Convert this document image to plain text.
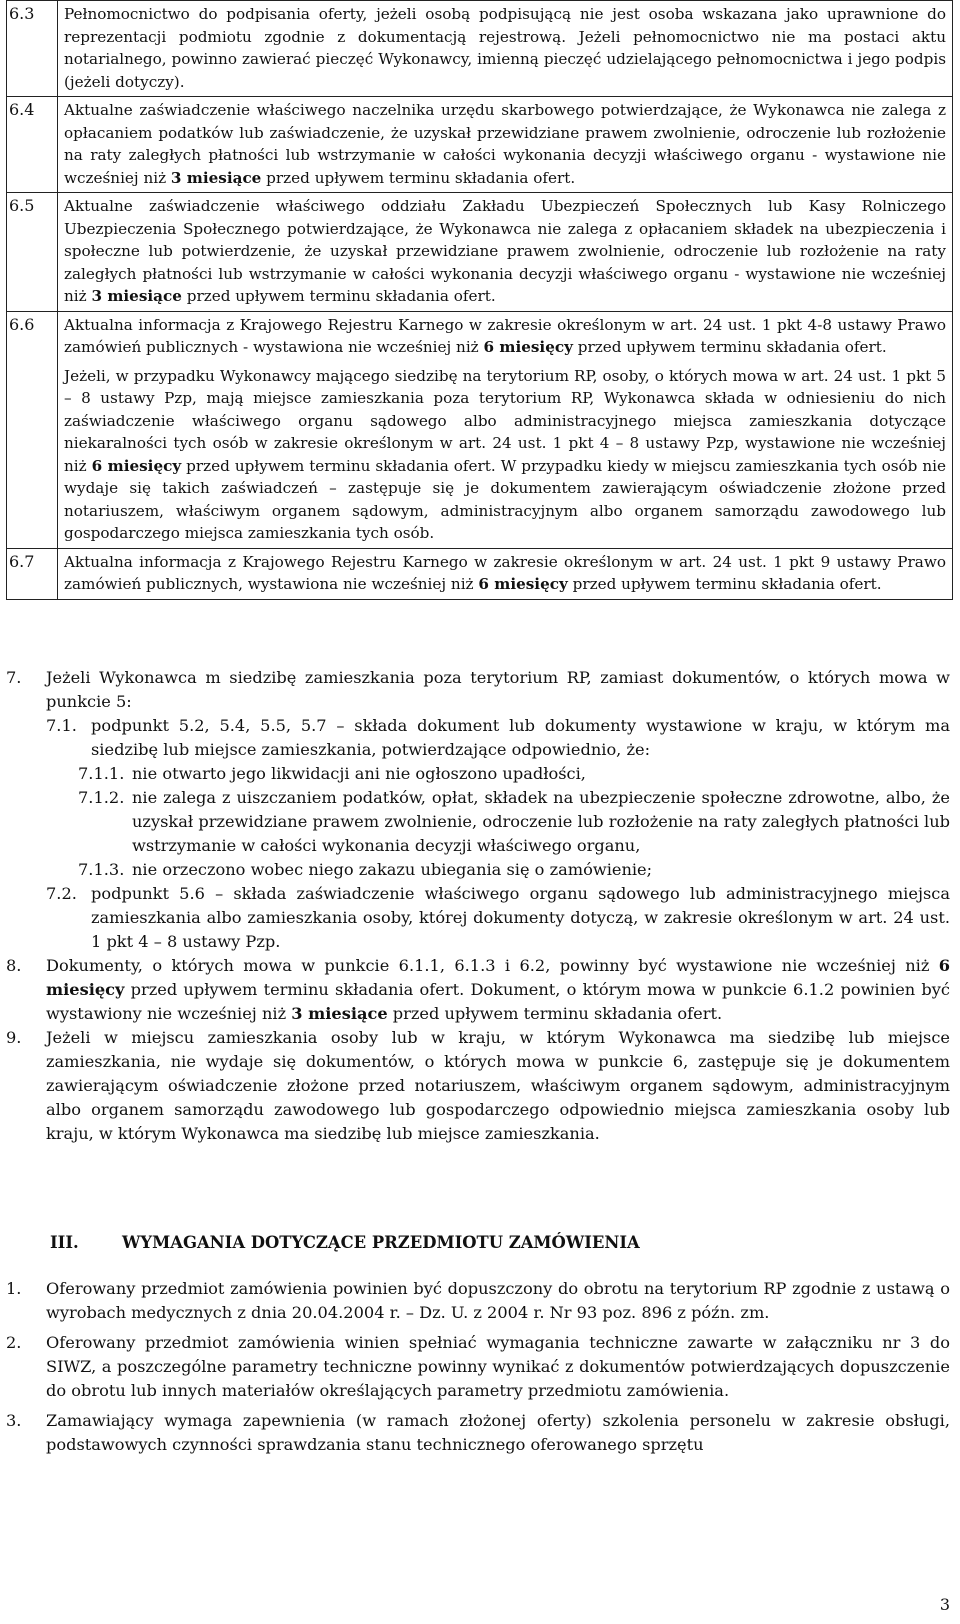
6.3	Pełnomocnictwo do podpisania oferty, jeżeli osobą podpisującą nie jest osoba wskazana jako uprawnione do reprezentacji podmiotu zgodnie z dokumentacją rejestrową. Jeżeli pełnomocnictwo nie ma postaci aktu notarialnego, powinno zawierać pieczęć Wykonawcy, imienną pieczęć udzielającego pełnomocnictwa i jego podpis (jeżeli dotyczy).

6.4	Aktualne zaświadczenie właściwego naczelnika urzędu skarbowego potwierdzające, że Wykonawca nie zalega z opłacaniem podatków lub zaświadczenie, że uzyskał przewidziane prawem zwolnienie, odroczenie lub rozłożenie na raty zaległych płatności lub wstrzymanie w całości wykonania decyzji właściwego organu - wystawione nie wcześniej niż 3 miesiące przed upływem terminu składania ofert.

6.5	Aktualne zaświadczenie właściwego oddziału Zakładu Ubezpieczeń Społecznych lub Kasy Rolniczego Ubezpieczenia Społecznego potwierdzające, że Wykonawca nie zalega z opłacaniem składek na ubezpieczenia i społeczne lub potwierdzenie, że uzyskał przewidziane prawem zwolnienie, odroczenie lub rozłożenie na raty zaległych płatności lub wstrzymanie w całości wykonania decyzji właściwego organu - wystawione nie wcześniej niż 3 miesiące przed upływem terminu składania ofert.

6.6	Aktualna informacja z Krajowego Rejestru Karnego w zakresie określonym w art. 24 ust. 1 pkt 4-8 ustawy Prawo zamówień publicznych - wystawiona nie wcześniej niż 6 miesięcy przed upływem terminu składania ofert.

Jeżeli, w przypadku Wykonawcy mającego siedzibę na terytorium RP, osoby, o których mowa w art. 24 ust. 1 pkt 5 – 8 ustawy Pzp, mają miejsce zamieszkania poza terytorium RP, Wykonawca składa w odniesieniu do nich zaświadczenie właściwego organu sądowego albo administracyjnego miejsca zamieszkania dotyczące niekaralności tych osób w zakresie określonym w art. 24 ust. 1 pkt 4 – 8 ustawy Pzp, wystawione nie wcześniej niż 6 miesięcy przed upływem terminu składania ofert. W przypadku kiedy w miejscu zamieszkania tych osób nie wydaje się takich zaświadczeń – zastępuje się je dokumentem zawierającym oświadczenie złożone przed notariuszem, właściwym organem sądowym, administracyjnym albo organem samorządu zawodowego lub gospodarczego miejsca zamieszkania tych osób.

6.7	Aktualna informacja z Krajowego Rejestru Karnego w zakresie określonym w art. 24 ust. 1 pkt 9 ustawy Prawo zamówień publicznych, wystawiona nie wcześniej niż 6 miesięcy przed upływem terminu składania ofert.

7. Jeżeli Wykonawca m siedzibę zamieszkania poza terytorium RP, zamiast dokumentów, o których mowa w punkcie 5:

7.1. podpunkt 5.2, 5.4, 5.5, 5.7 – składa dokument lub dokumenty wystawione w kraju, w którym ma siedzibę lub miejsce zamieszkania, potwierdzające odpowiednio, że:

7.1.1. nie otwarto jego likwidacji ani nie ogłoszono upadłości,

7.1.2. nie zalega z uiszczaniem podatków, opłat, składek na ubezpieczenie społeczne zdrowotne, albo, że uzyskał przewidziane prawem zwolnienie, odroczenie lub rozłożenie na raty zaległych płatności lub wstrzymanie w całości wykonania decyzji właściwego organu,

7.1.3. nie orzeczono wobec niego zakazu ubiegania się o zamówienie;

7.2. podpunkt 5.6 – składa zaświadczenie właściwego organu sądowego lub administracyjnego miejsca zamieszkania albo zamieszkania osoby, której dokumenty dotyczą, w zakresie określonym w art. 24 ust. 1 pkt 4 – 8 ustawy Pzp.

8. Dokumenty, o których mowa w punkcie 6.1.1, 6.1.3 i 6.2, powinny być wystawione nie wcześniej niż 6 miesięcy przed upływem terminu składania ofert. Dokument, o którym mowa w punkcie 6.1.2 powinien być wystawiony nie wcześniej niż 3 miesiące przed upływem terminu składania ofert.

9. Jeżeli w miejscu zamieszkania osoby lub w kraju, w którym Wykonawca ma siedzibę lub miejsce zamieszkania, nie wydaje się dokumentów, o których mowa w punkcie 6, zastępuje się je dokumentem zawierającym oświadczenie złożone przed notariuszem, właściwym organem sądowym, administracyjnym albo organem samorządu zawodowego lub gospodarczego odpowiednio miejsca zamieszkania osoby lub kraju, w którym Wykonawca ma siedzibę lub miejsce zamieszkania.

III.	WYMAGANIA DOTYCZĄCE PRZEDMIOTU ZAMÓWIENIA

1. Oferowany przedmiot zamówienia powinien być dopuszczony do obrotu na terytorium RP zgodnie z ustawą o wyrobach medycznych z dnia 20.04.2004 r. – Dz. U. z 2004 r. Nr 93 poz. 896 z późn. zm.

2. Oferowany przedmiot zamówienia winien spełniać wymagania techniczne zawarte w załączniku nr 3 do SIWZ, a poszczególne parametry techniczne powinny wynikać z dokumentów potwierdzających dopuszczenie do obrotu lub innych materiałów określających parametry przedmiotu zamówienia.

3. Zamawiający wymaga zapewnienia (w ramach złożonej oferty) szkolenia personelu w zakresie obsługi, podstawowych czynności sprawdzania stanu technicznego oferowanego sprzętu

3
